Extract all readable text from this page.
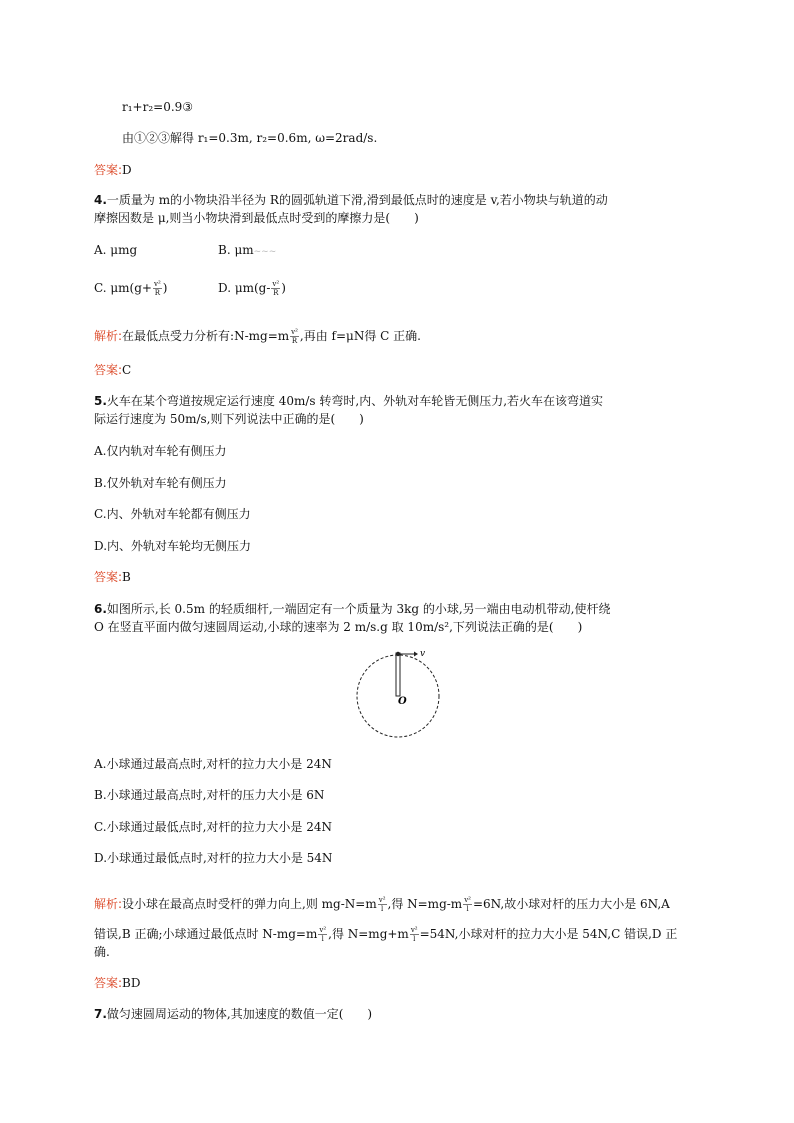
r₁+r₂=0.9③
由①②③解得 r₁=0.3m, r₂=0.6m, ω=2rad/s.
答案:D
4.一质量为 m的小物块沿半径为 R的圆弧轨道下滑,滑到最低点时的速度是 v,若小物块与轨道的动
摩擦因数是 μ,则当小物块滑到最低点时受到的摩擦力是(　　)
A. μmg	B. μm~~~
C. $\mu m(g+ \frac{\text{v²}}{R}$ )	D. $\mu m(g- \frac{\text{v²}}{R}$ )
解析:在最低点受力分析有:N-mg=m $\frac{\text{v²}}{R}$ ,再由 f=μN得 C 正确.
答案:C
5.火车在某个弯道按规定运行速度 40m/s 转弯时,内、外轨对车轮皆无侧压力,若火车在该弯道实
际运行速度为 50m/s,则下列说法中正确的是(　　)
A.仅内轨对车轮有侧压力
B.仅外轨对车轮有侧压力
C.内、外轨对车轮都有侧压力
D.内、外轨对车轮均无侧压力
答案:B
6.如图所示,长 0.5m 的轻质细杆,一端固定有一个质量为 3kg 的小球,另一端由电动机带动,使杆绕
O 在竖直平面内做匀速圆周运动,小球的速率为 2 m/s.g 取 10m/s²,下列说法正确的是(　　)
v
O
A.小球通过最高点时,对杆的拉力大小是 24N
B.小球通过最高点时,对杆的压力大小是 6N
C.小球通过最低点时,对杆的拉力大小是 24N
D.小球通过最低点时,对杆的拉力大小是 54N
解析:设小球在最高点时受杆的弹力向上,则 $mg-N=m \frac{\text{v²}}{l}$ ,得 $N=mg-m \frac{\text{v²}}{l} =6N$,故小球对杆的压力大小是 6N,A
错误,B 正确;小球通过最低点时 $N-mg=m \frac{\text{v²}}{l}$ ,得 $N=mg+m \frac{\text{v²}}{l} =54N$,小球对杆的拉力大小是 54N,C 错误,D 正
确.
答案:BD
7.做匀速圆周运动的物体,其加速度的数值一定(　　)
